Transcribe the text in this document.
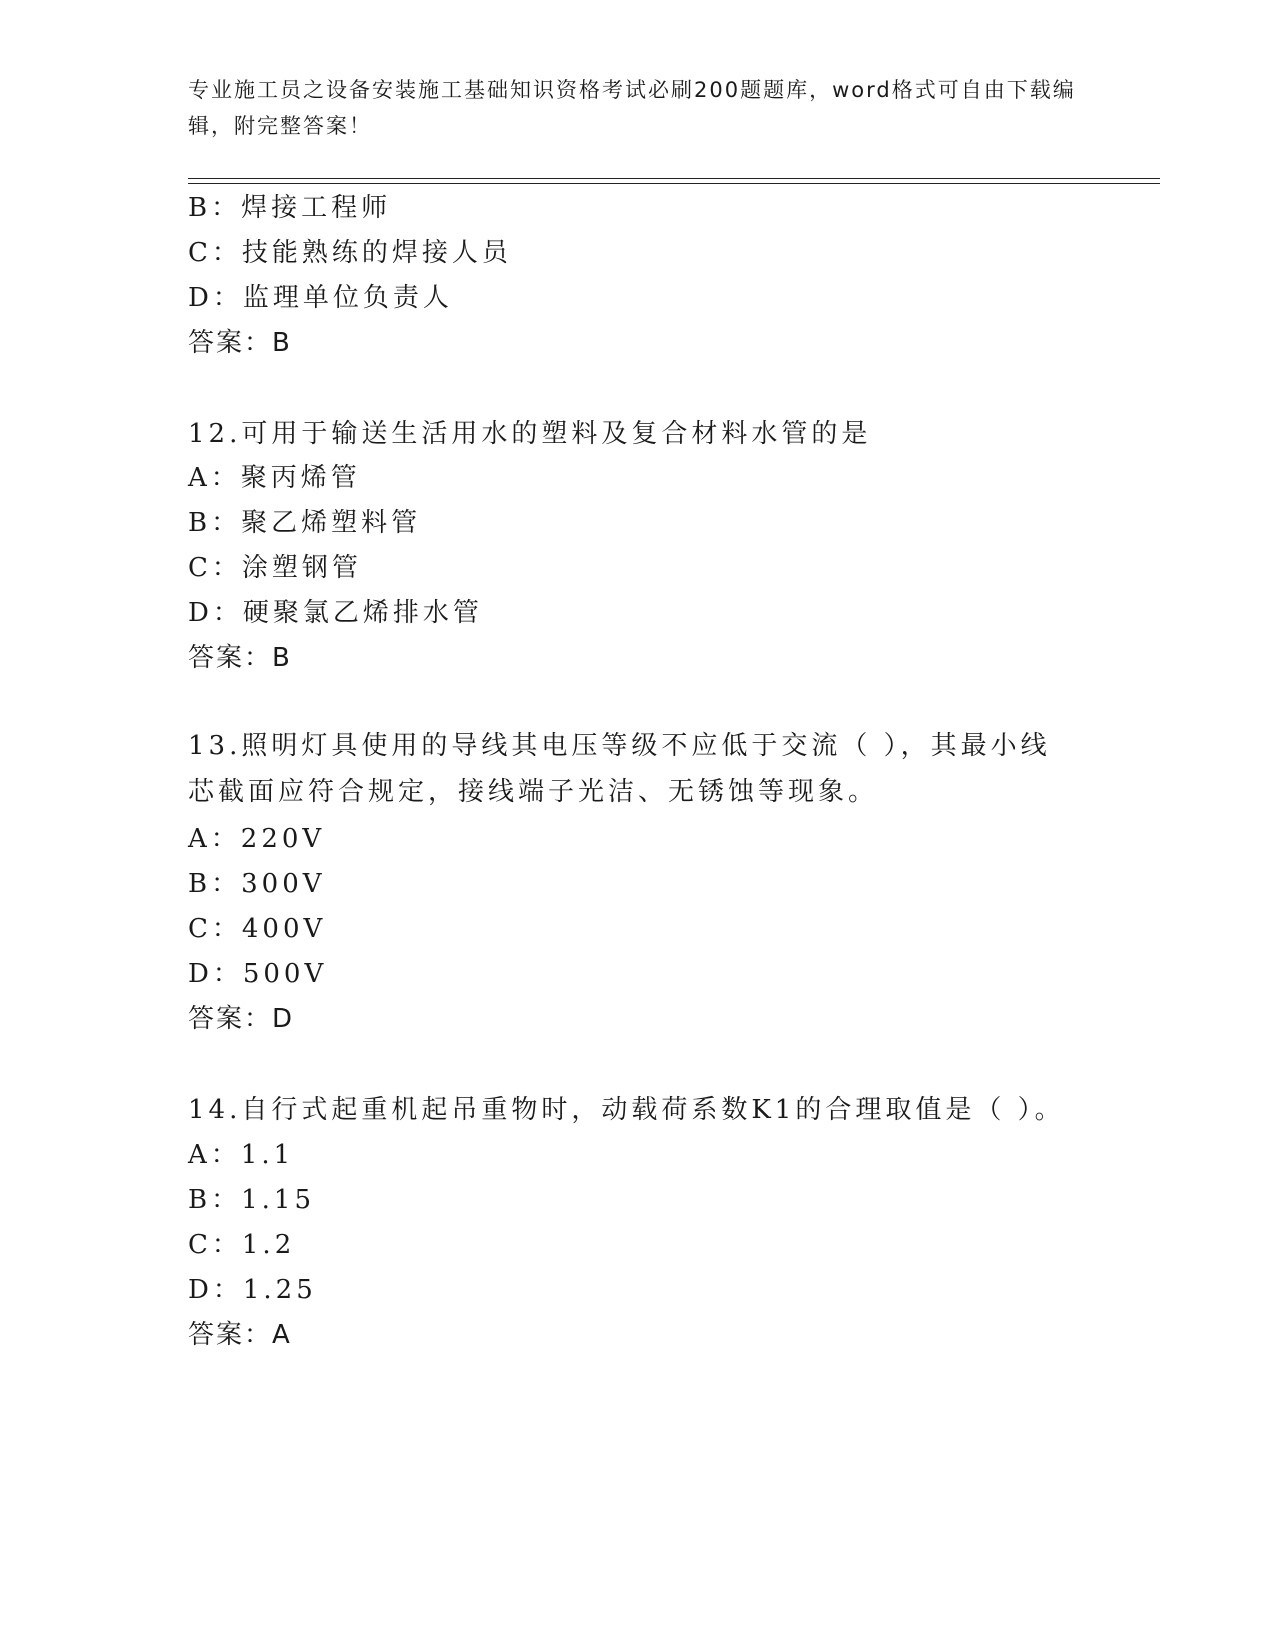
专业施工员之设备安装施工基础知识资格考试必刷200题题库，word格式可自由下载编辑，附完整答案！
B：焊接工程师
C：技能熟练的焊接人员
D：监理单位负责人
答案：B
12.可用于输送生活用水的塑料及复合材料水管的是
A：聚丙烯管
B：聚乙烯塑料管
C：涂塑钢管
D：硬聚氯乙烯排水管
答案：B
13.照明灯具使用的导线其电压等级不应低于交流（ ），其最小线芯截面应符合规定，接线端子光洁、无锈蚀等现象。
A：220V
B：300V
C：400V
D：500V
答案：D
14.自行式起重机起吊重物时，动载荷系数K1的合理取值是（ ）。
A：1.1
B：1.15
C：1.2
D：1.25
答案：A
